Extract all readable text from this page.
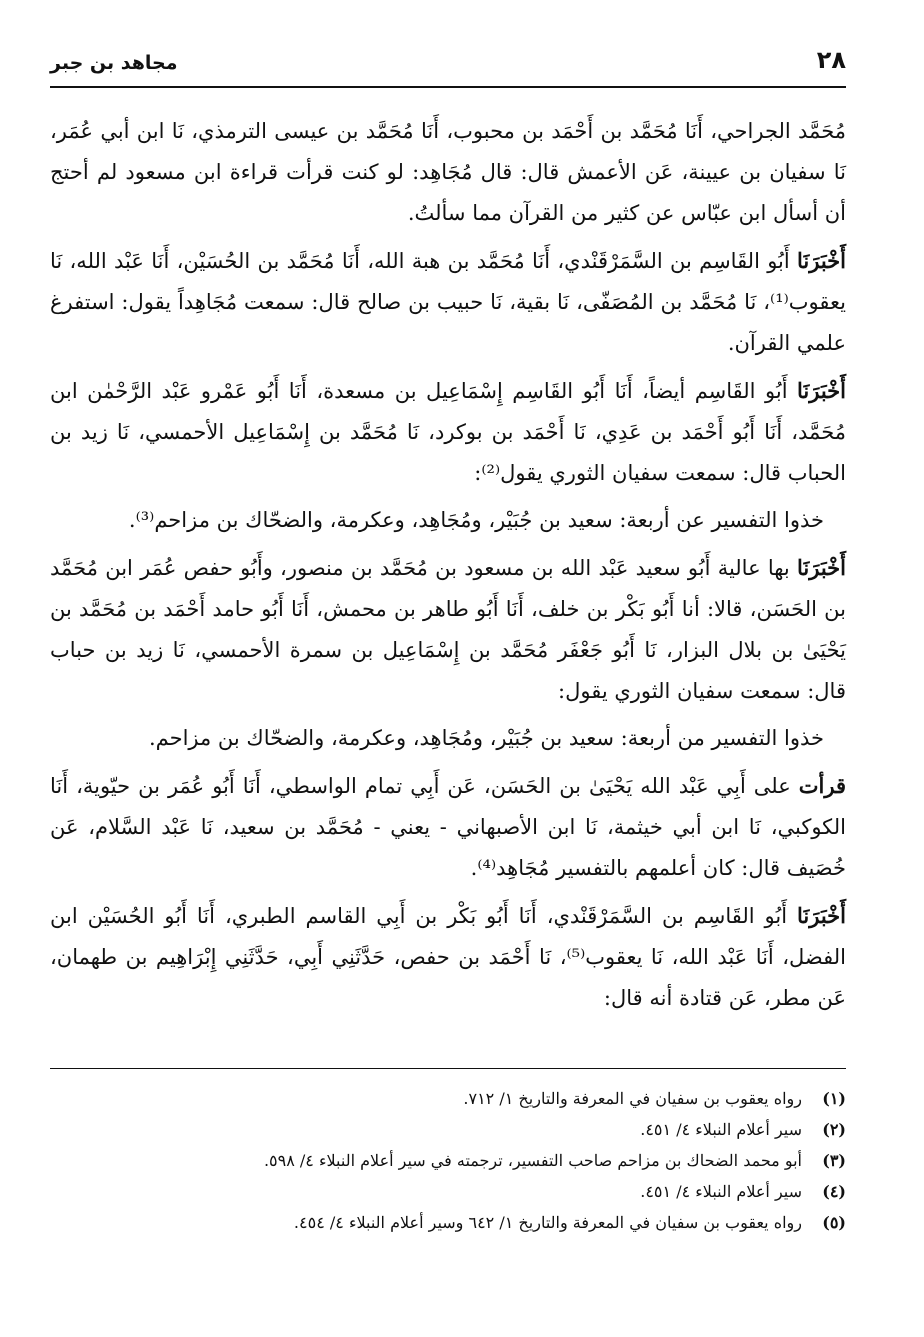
٢٨
مجاهد بن جبر

مُحَمَّد الجراحي، أَنَا مُحَمَّد بن أَحْمَد بن محبوب، أَنَا مُحَمَّد بن عيسى الترمذي، نَا ابن أبي عُمَر، نَا سفيان بن عيينة، عَن الأعمش قال: قال مُجَاهِد: لو كنت قرأت قراءة ابن مسعود لم أحتج أن أسأل ابن عبّاس عن كثير من القرآن مما سألتُ.

أَخْبَرَنَا أَبُو القَاسِم بن السَّمَرْقَنْدي، أَنَا مُحَمَّد بن هبة الله، أَنَا مُحَمَّد بن الحُسَيْن، أَنَا عَبْد الله، نَا يعقوب⁽¹⁾، نَا مُحَمَّد بن المُصَفّى، نَا بقية، نَا حبيب بن صالح قال: سمعت مُجَاهِداً يقول: استفرغ علمي القرآن.

أَخْبَرَنَا أَبُو القَاسِم أيضاً، أَنَا أَبُو القَاسِم إِسْمَاعِيل بن مسعدة، أَنَا أَبُو عَمْرو عَبْد الرَّحْمٰن ابن مُحَمَّد، أَنَا أَبُو أَحْمَد بن عَدِي، نَا أَحْمَد بن بوكرد، نَا مُحَمَّد بن إِسْمَاعِيل الأحمسي، نَا زيد بن الحباب قال: سمعت سفيان الثوري يقول⁽²⁾:

خذوا التفسير عن أربعة: سعيد بن جُبَيْر، ومُجَاهِد، وعكرمة، والضحّاك بن مزاحم⁽³⁾.

أَخْبَرَنَا بها عالية أَبُو سعيد عَبْد الله بن مسعود بن مُحَمَّد بن منصور، وأَبُو حفص عُمَر ابن مُحَمَّد بن الحَسَن، قالا: أنا أَبُو بَكْر بن خلف، أَنَا أَبُو طاهر بن محمش، أَنَا أَبُو حامد أَحْمَد بن مُحَمَّد بن يَحْيَىٰ بن بلال البزار، نَا أَبُو جَعْفَر مُحَمَّد بن إِسْمَاعِيل بن سمرة الأحمسي، نَا زيد بن حباب قال: سمعت سفيان الثوري يقول:

خذوا التفسير من أربعة: سعيد بن جُبَيْر، ومُجَاهِد، وعكرمة، والضحّاك بن مزاحم.

قرأت على أَبِي عَبْد الله يَحْيَىٰ بن الحَسَن، عَن أَبِي تمام الواسطي، أَنَا أَبُو عُمَر بن حيّوية، أَنَا الكوكبي، نَا ابن أبي خيثمة، نَا ابن الأصبهاني - يعني - مُحَمَّد بن سعيد، نَا عَبْد السَّلام، عَن خُصَيف قال: كان أعلمهم بالتفسير مُجَاهِد⁽⁴⁾.

أَخْبَرَنَا أَبُو القَاسِم بن السَّمَرْقَنْدي، أَنَا أَبُو بَكْر بن أَبِي القاسم الطبري، أَنَا أَبُو الحُسَيْن ابن الفضل، أَنَا عَبْد الله، نَا يعقوب⁽⁵⁾، نَا أَحْمَد بن حفص، حَدَّثَنِي أَبِي، حَدَّثَنِي إِبْرَاهِيم بن طهمان، عَن مطر، عَن قتادة أنه قال:

(١)
رواه يعقوب بن سفيان في المعرفة والتاريخ ١/ ٧١٢.
(٢)
سير أعلام النبلاء ٤/ ٤٥١.
(٣)
أبو محمد الضحاك بن مزاحم صاحب التفسير، ترجمته في سير أعلام النبلاء ٤/ ٥٩٨.
(٤)
سير أعلام النبلاء ٤/ ٤٥١.
(٥)
رواه يعقوب بن سفيان في المعرفة والتاريخ ١/ ٦٤٢ وسير أعلام النبلاء ٤/ ٤٥٤.
